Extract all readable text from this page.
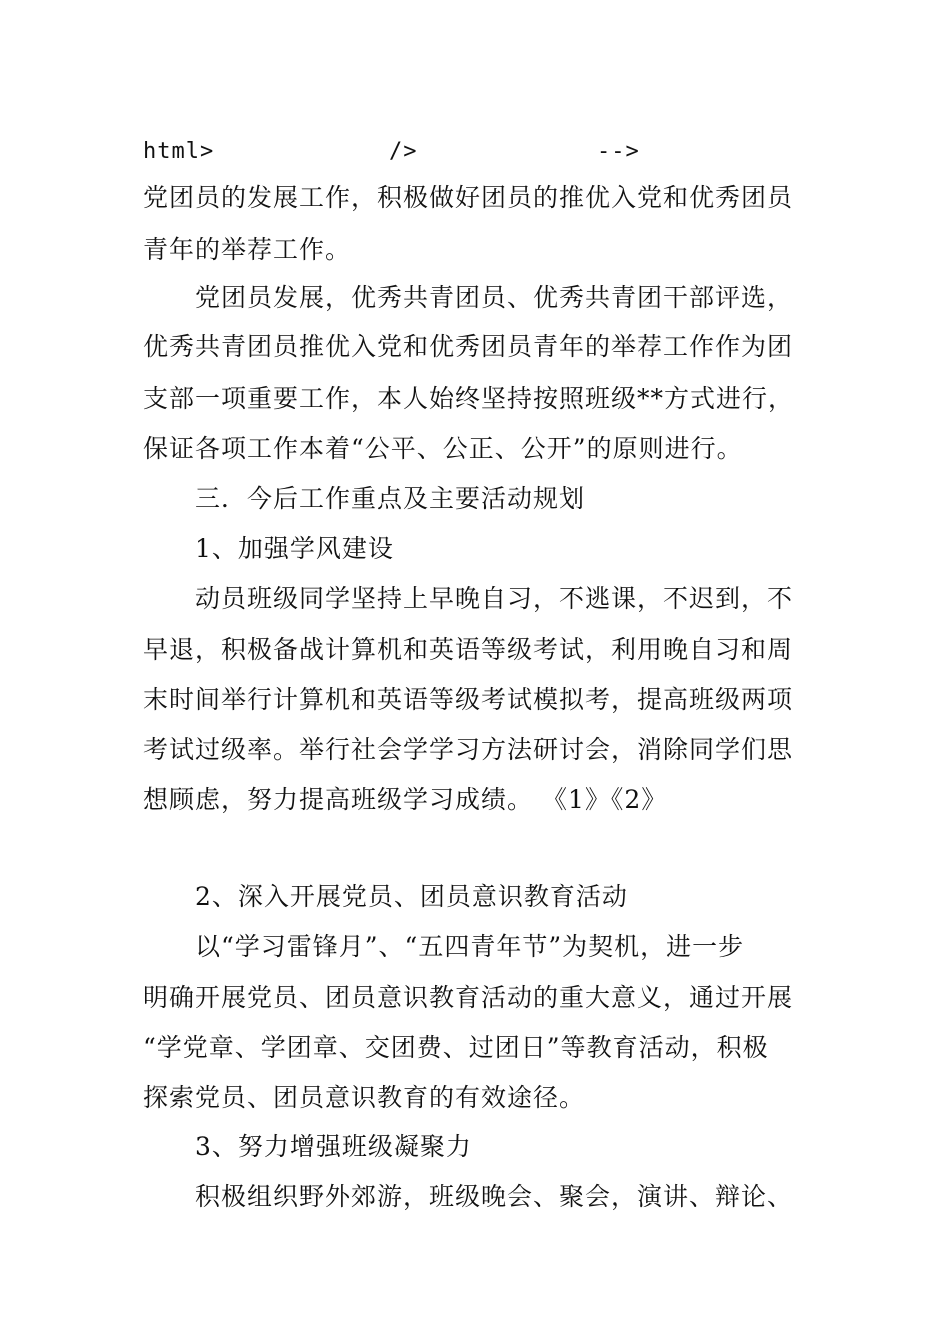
html>	/>	-->
党团员的发展工作，积极做好团员的推优入党和优秀团员
青年的举荐工作。
党团员发展，优秀共青团员、优秀共青团干部评选，
优秀共青团员推优入党和优秀团员青年的举荐工作作为团
支部一项重要工作，本人始终坚持按照班级**方式进行，
保证各项工作本着“公平、公正、公开”的原则进行。
三．今后工作重点及主要活动规划
1、加强学风建设
动员班级同学坚持上早晚自习，不逃课，不迟到，不
早退，积极备战计算机和英语等级考试，利用晚自习和周
末时间举行计算机和英语等级考试模拟考，提高班级两项
考试过级率。举行社会学学习方法研讨会，消除同学们思
想顾虑，努力提高班级学习成绩。 《1》《2》
2、深入开展党员、团员意识教育活动
以“学习雷锋月”、“五四青年节”为契机，进一步
明确开展党员、团员意识教育活动的重大意义，通过开展
“学党章、学团章、交团费、过团日”等教育活动，积极
探索党员、团员意识教育的有效途径。
3、努力增强班级凝聚力
积极组织野外郊游，班级晚会、聚会，演讲、辩论、
